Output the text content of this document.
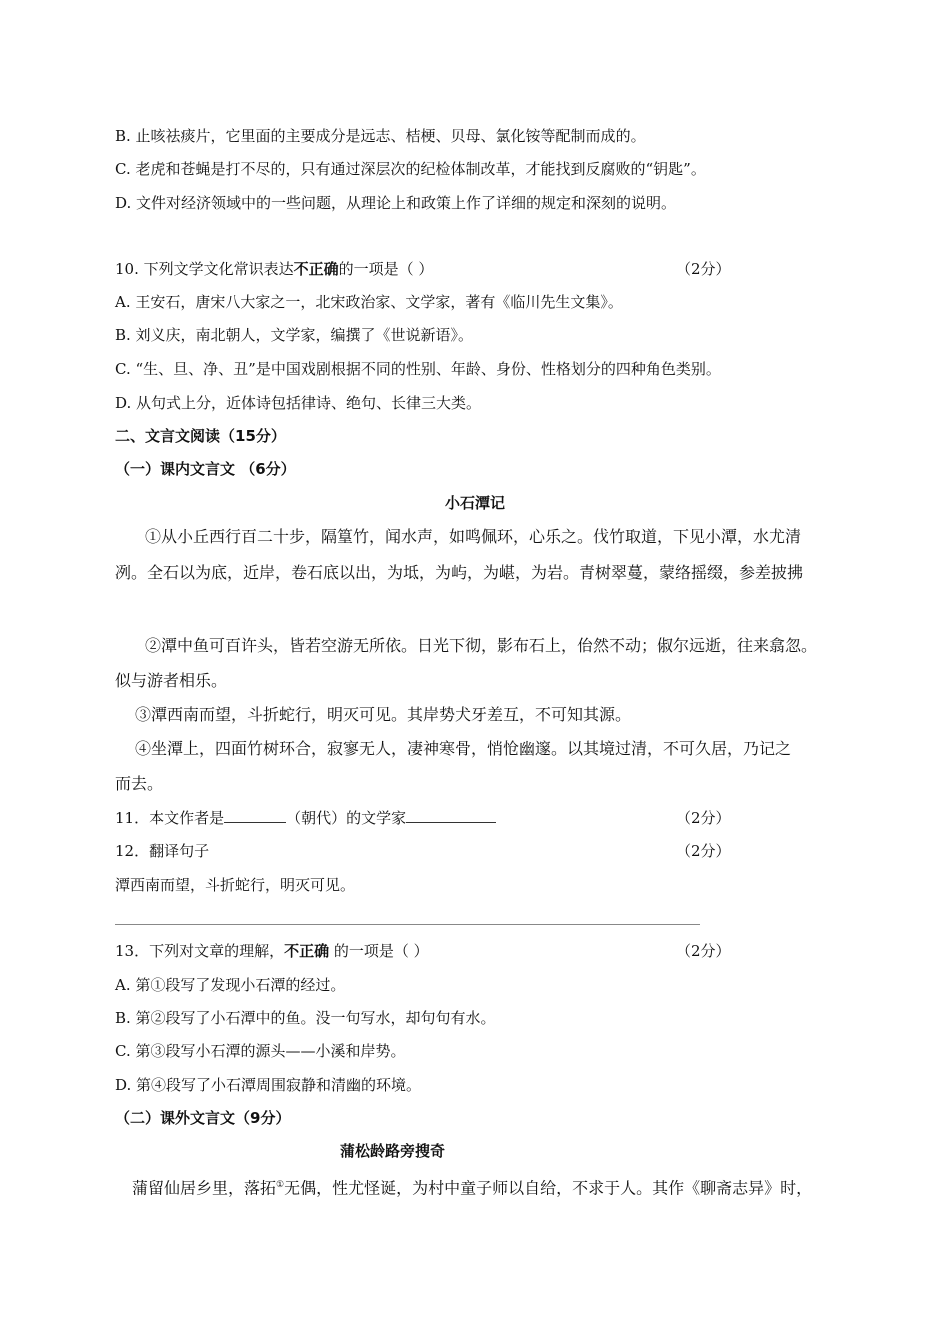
B. 止咳祛痰片，它里面的主要成分是远志、桔梗、贝母、氯化铵等配制而成的。
C. 老虎和苍蝇是打不尽的，只有通过深层次的纪检体制改革，才能找到反腐败的“钥匙”。
D. 文件对经济领域中的一些问题，从理论上和政策上作了详细的规定和深刻的说明。
10. 下列文学文化常识表达不正确的一项是（ ）	（2分）
A. 王安石，唐宋八大家之一，北宋政治家、文学家，著有《临川先生文集》。
B. 刘义庆，南北朝人，文学家，编撰了《世说新语》。
C. “生、旦、净、丑”是中国戏剧根据不同的性别、年龄、身份、性格划分的四种角色类别。
D. 从句式上分，近体诗包括律诗、绝句、长律三大类。
二、文言文阅读（15分）
（一）课内文言文 （6分）
小石潭记
①从小丘西行百二十步，隔篁竹，闻水声，如鸣佩环，心乐之。伐竹取道，下见小潭，水尤清
冽。全石以为底，近岸，卷石底以出，为坻，为屿，为嵁，为岩。青树翠蔓，蒙络摇缀，参差披拂
②潭中鱼可百许头，皆若空游无所依。日光下彻，影布石上，佁然不动；俶尔远逝，往来翕忽。
似与游者相乐。
③潭西南而望，斗折蛇行，明灭可见。其岸势犬牙差互，不可知其源。
④坐潭上，四面竹树环合，寂寥无人，凄神寒骨，悄怆幽邃。以其境过清，不可久居，乃记之
而去。
11．本文作者是	（朝代）的文学家	（2分）
12．翻译句子	（2分）
潭西南而望，斗折蛇行，明灭可见。
13．下列对文章的理解，不正确 的一项是（ ）	（2分）
A. 第①段写了发现小石潭的经过。
B. 第②段写了小石潭中的鱼。没一句写水，却句句有水。
C. 第③段写小石潭的源头——小溪和岸势。
D. 第④段写了小石潭周围寂静和清幽的环境。
（二）课外文言文（9分）
蒲松龄路旁搜奇
蒲留仙居乡里，落拓①无偶，性尤怪诞，为村中童子师以自给，不求于人。其作《聊斋志异》时，
